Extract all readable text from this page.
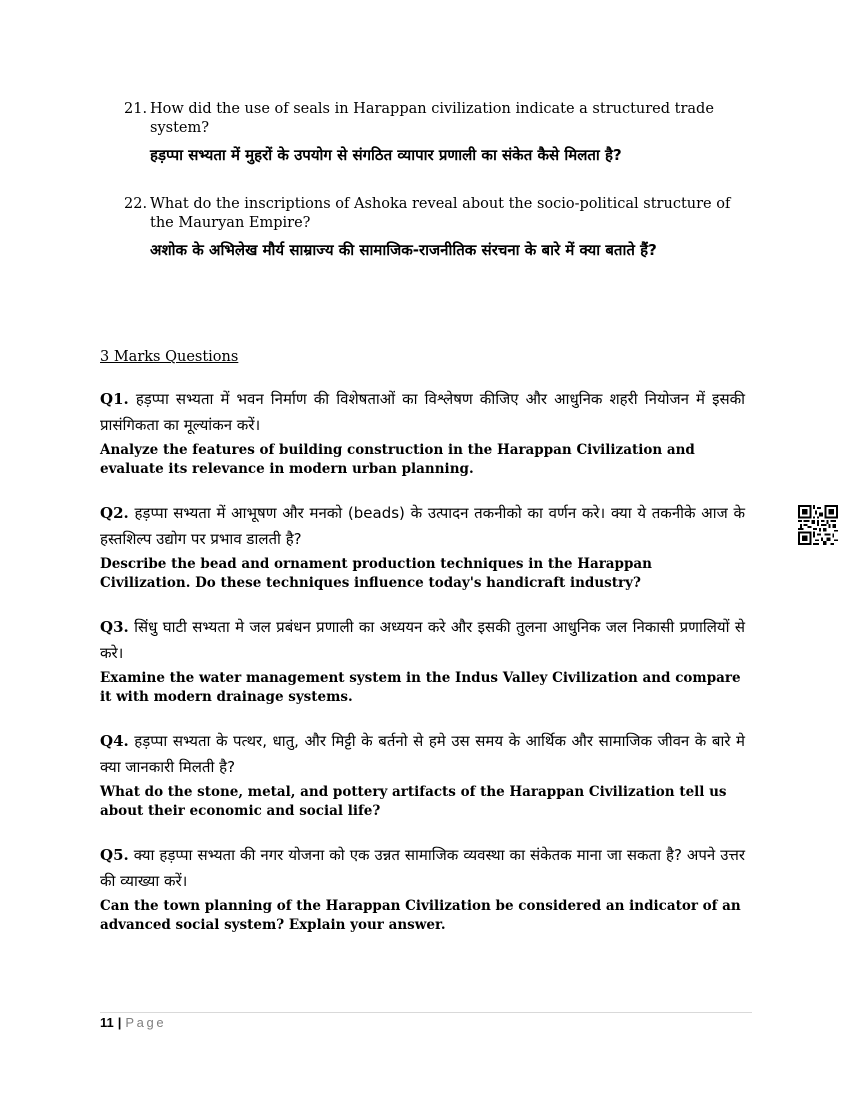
21. How did the use of seals in Harappan civilization indicate a structured trade system?
हड़प्पा सभ्यता में मुहरों के उपयोग से संगठित व्यापार प्रणाली का संकेत कैसे मिलता है?
22. What do the inscriptions of Ashoka reveal about the socio-political structure of the Mauryan Empire?
अशोक के अभिलेख मौर्य साम्राज्य की सामाजिक-राजनीतिक संरचना के बारे में क्या बताते हैं?
3 Marks Questions
Q1. हड़प्पा सभ्यता में भवन निर्माण की विशेषताओं का विश्लेषण कीजिए और आधुनिक शहरी नियोजन में इसकी प्रासंगिकता का मूल्यांकन करें।
Analyze the features of building construction in the Harappan Civilization and evaluate its relevance in modern urban planning.
Q2. हड़प्पा सभ्यता में आभूषण और मनको (beads) के उत्पादन तकनीको का वर्णन करे। क्या ये तकनीके आज के हस्तशिल्प उद्योग पर प्रभाव डालती है?
Describe the bead and ornament production techniques in the Harappan Civilization. Do these techniques influence today's handicraft industry?
Q3. सिंधु घाटी सभ्यता मे जल प्रबंधन प्रणाली का अध्ययन करे और इसकी तुलना आधुनिक जल निकासी प्रणालियों से करे।
Examine the water management system in the Indus Valley Civilization and compare it with modern drainage systems.
Q4. हड़प्पा सभ्यता के पत्थर, धातु, और मिट्टी के बर्तनो से हमे उस समय के आर्थिक और सामाजिक जीवन के बारे मे क्या जानकारी मिलती है?
What do the stone, metal, and pottery artifacts of the Harappan Civilization tell us about their economic and social life?
Q5. क्या हड़प्पा सभ्यता की नगर योजना को एक उन्नत सामाजिक व्यवस्था का संकेतक माना जा सकता है? अपने उत्तर की व्याख्या करें।
Can the town planning of the Harappan Civilization be considered an indicator of an advanced social system? Explain your answer.
11 | Page
